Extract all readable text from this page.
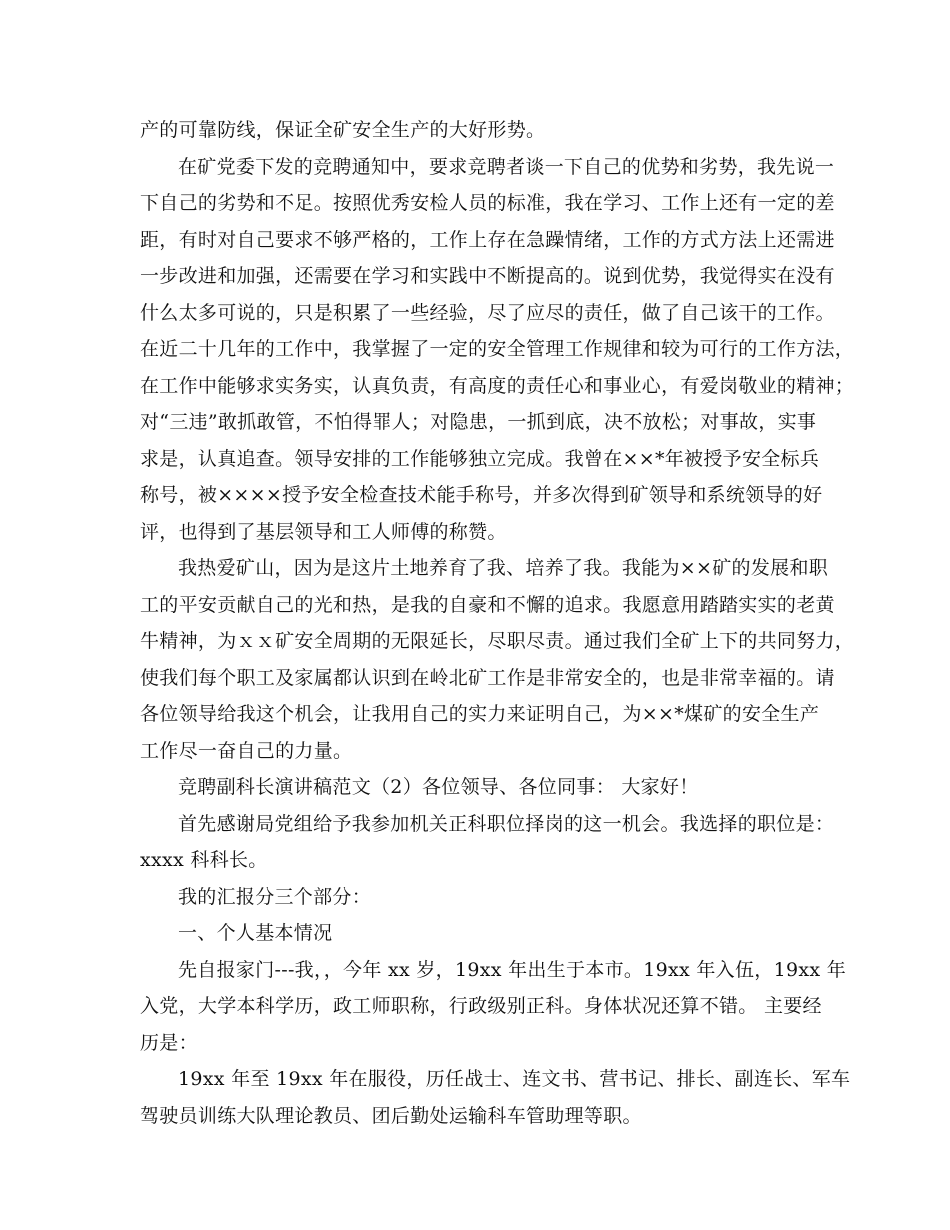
产的可靠防线，保证全矿安全生产的大好形势。
在矿党委下发的竞聘通知中，要求竞聘者谈一下自己的优势和劣势，我先说一
下自己的劣势和不足。按照优秀安检人员的标准，我在学习、工作上还有一定的差
距，有时对自己要求不够严格的，工作上存在急躁情绪，工作的方式方法上还需进
一步改进和加强，还需要在学习和实践中不断提高的。说到优势，我觉得实在没有
什么太多可说的，只是积累了一些经验，尽了应尽的责任，做了自己该干的工作。
在近二十几年的工作中，我掌握了一定的安全管理工作规律和较为可行的工作方法，
在工作中能够求实务实，认真负责，有高度的责任心和事业心，有爱岗敬业的精神；
对“三违”敢抓敢管，不怕得罪人；对隐患，一抓到底，决不放松；对事故，实事
求是，认真追查。领导安排的工作能够独立完成。我曾在××*年被授予安全标兵
称号，被××××授予安全检查技术能手称号，并多次得到矿领导和系统领导的好
评，也得到了基层领导和工人师傅的称赞。
我热爱矿山，因为是这片土地养育了我、培养了我。我能为××矿的发展和职
工的平安贡献自己的光和热，是我的自豪和不懈的追求。我愿意用踏踏实实的老黄
牛精神，为ｘｘ矿安全周期的无限延长，尽职尽责。通过我们全矿上下的共同努力，
使我们每个职工及家属都认识到在岭北矿工作是非常安全的，也是非常幸福的。请
各位领导给我这个机会，让我用自己的实力来证明自己，为××*煤矿的安全生产
工作尽一奋自己的力量。
竞聘副科长演讲稿范文（2）各位领导、各位同事： 大家好！
首先感谢局党组给予我参加机关正科职位择岗的这一机会。我选择的职位是：
xxxx 科科长。
我的汇报分三个部分：
一、个人基本情况
先自报家门---我，，今年 xx 岁，19xx 年出生于本市。19xx 年入伍，19xx 年
入党，大学本科学历，政工师职称，行政级别正科。身体状况还算不错。 主要经
历是：
19xx 年至 19xx 年在服役，历任战士、连文书、营书记、排长、副连长、军车
驾驶员训练大队理论教员、团后勤处运输科车管助理等职。
